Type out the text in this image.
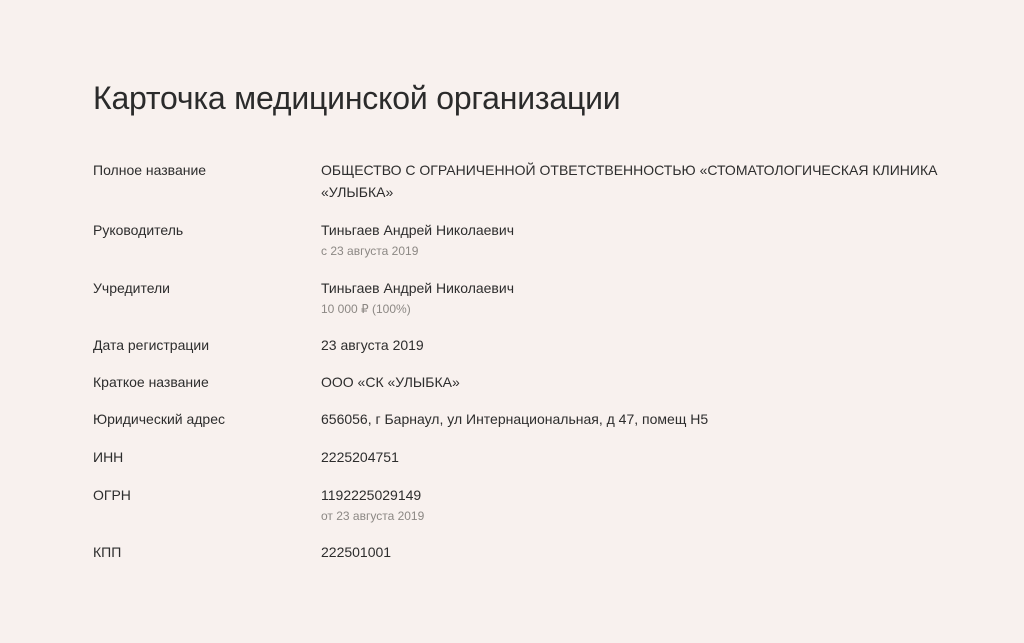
Карточка медицинской организации
Полное название	ОБЩЕСТВО С ОГРАНИЧЕННОЙ ОТВЕТСТВЕННОСТЬЮ «СТОМАТОЛОГИЧЕСКАЯ КЛИНИКА «УЛЫБКА»
Руководитель	Тиньгаев Андрей Николаевич
с 23 августа 2019
Учредители	Тиньгаев Андрей Николаевич
10 000 ₽ (100%)
Дата регистрации	23 августа 2019
Краткое название	ООО «СК «УЛЫБКА»
Юридический адрес	656056, г Барнаул, ул Интернациональная, д 47, помещ Н5
ИНН	2225204751
ОГРН	1192225029149
от 23 августа 2019
КПП	222501001
